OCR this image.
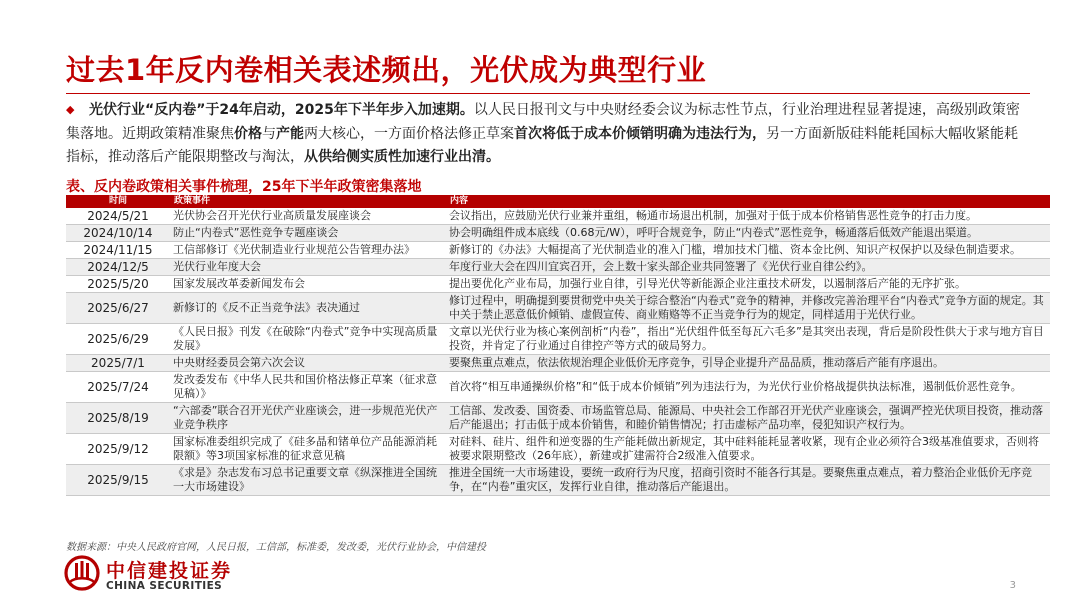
过去1年反内卷相关表述频出，光伏成为典型行业
◆ 光伏行业“反内卷”于24年启动，2025年下半年步入加速期。以人民日报刊文与中央财经委会议为标志性节点，行业治理进程显著提速，高级别政策密集落地。近期政策精准聚焦价格与产能两大核心，一方面价格法修正草案首次将低于成本价倾销明确为违法行为，另一方面新版硅料能耗国标大幅收紧能耗指标，推动落后产能限期整改与淘汰，从供给侧实质性加速行业出清。
表、反内卷政策相关事件梳理，25年下半年政策密集落地
时间	政策事件	内容
2024/5/21	光伏协会召开光伏行业高质量发展座谈会	会议指出，应鼓励光伏行业兼并重组，畅通市场退出机制，加强对于低于成本价格销售恶性竞争的打击力度。
2024/10/14	防止“内卷式”恶性竞争专题座谈会	协会明确组件成本底线（0.68元/W），呼吁合规竞争，防止“内卷式”恶性竞争，畅通落后低效产能退出渠道。
2024/11/15	工信部修订《光伏制造业行业规范公告管理办法》	新修订的《办法》大幅提高了光伏制造业的准入门槛，增加技术门槛、资本金比例、知识产权保护以及绿色制造要求。
2024/12/5	光伏行业年度大会	年度行业大会在四川宜宾召开，会上数十家头部企业共同签署了《光伏行业自律公约》。
2025/5/20	国家发展改革委新闻发布会	提出要优化产业布局，加强行业自律，引导光伏等新能源企业注重技术研发，以遏制落后产能的无序扩张。
2025/6/27	新修订的《反不正当竞争法》表决通过	修订过程中，明确提到要贯彻党中央关于综合整治“内卷式”竞争的精神，并修改完善治理平台“内卷式”竞争方面的规定。其中关于禁止恶意低价倾销、虚假宣传、商业贿赂等不正当竞争行为的规定，同样适用于光伏行业。
2025/6/29	《人民日报》刊发《在破除“内卷式”竞争中实现高质量发展》	文章以光伏行业为核心案例剖析“内卷”，指出“光伏组件低至每瓦六毛多”是其突出表现，背后是阶段性供大于求与地方盲目投资，并肯定了行业通过自律控产等方式的破局努力。
2025/7/1	中央财经委员会第六次会议	要聚焦重点难点，依法依规治理企业低价无序竞争，引导企业提升产品品质，推动落后产能有序退出。
2025/7/24	发改委发布《中华人民共和国价格法修正草案（征求意见稿）》	首次将“相互串通操纵价格”和“低于成本价倾销”列为违法行为，为光伏行业价格战提供执法标准，遏制低价恶性竞争。
2025/8/19	“六部委”联合召开光伏产业座谈会，进一步规范光伏产业竞争秩序	工信部、发改委、国资委、市场监管总局、能源局、中央社会工作部召开光伏产业座谈会，强调严控光伏项目投资，推动落后产能退出；打击低于成本价销售，和睦价销售情况；打击虚标产品功率，侵犯知识产权行为。
2025/9/12	国家标准委组织完成了《硅多晶和锗单位产品能源消耗限额》等3项国家标准的征求意见稿	对硅料、硅片、组件和逆变器的生产能耗做出新规定，其中硅料能耗显著收紧，现有企业必须符合3级基准值要求，否则将被要求限期整改（26年底），新建或扩建需符合2级准入值要求。
2025/9/15	《求是》杂志发布习总书记重要文章《纵深推进全国统一大市场建设》	推进全国统一大市场建设，要统一政府行为尺度，招商引资时不能各行其是。要聚焦重点难点，着力整治企业低价无序竞争，在“内卷”重灾区，发挥行业自律，推动落后产能退出。
数据来源：中央人民政府官网，人民日报，工信部，标准委，发改委，光伏行业协会，中信建投
中信建投证券
CHINA SECURITIES	3
